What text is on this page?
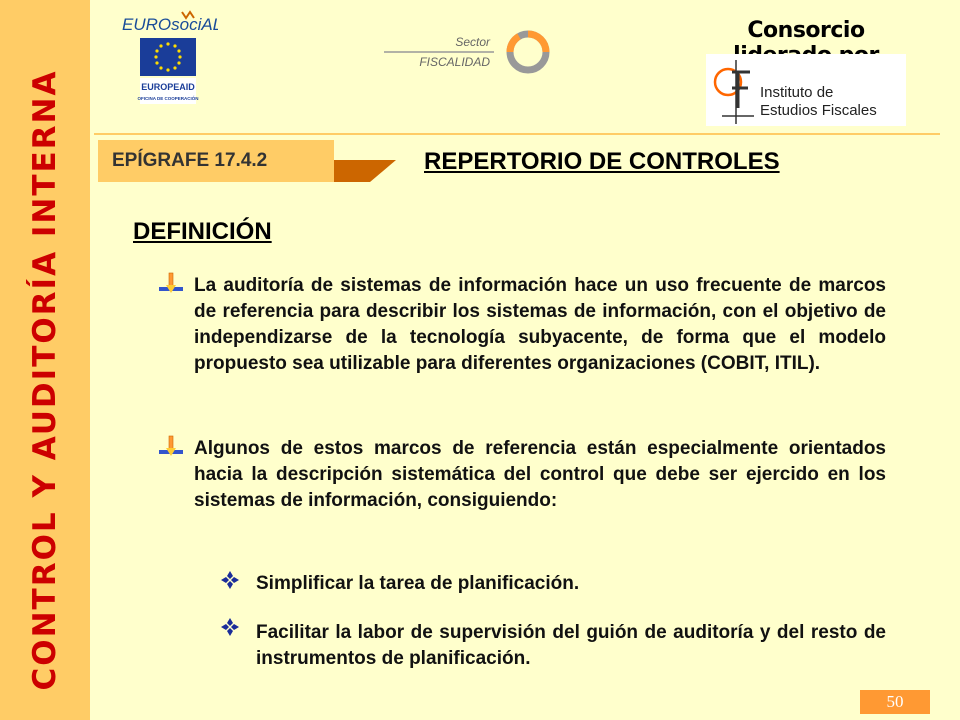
CONTROL Y AUDITORÍA INTERNA
EUROsociAL
EUROPEAID
OFICINA DE COOPERACIÓN
Sector
FISCALIDAD
Consorcio
Instituto de
Estudios Fiscales
EPÍGRAFE 17.4.2	REPERTORIO DE CONTROLES
DEFINICIÓN
La auditoría de sistemas de información hace un uso frecuente de marcos de referencia para describir los sistemas de información, con el objetivo de independizarse de la tecnología subyacente, de forma que el modelo propuesto sea utilizable para diferentes organizaciones (COBIT, ITIL).
Algunos de estos marcos de referencia están especialmente orientados hacia la descripción sistemática del control que debe ser ejercido en los sistemas de información, consiguiendo:
Simplificar la tarea de planificación.
Facilitar la labor de supervisión del guión de auditoría y del resto de instrumentos de planificación.
50
